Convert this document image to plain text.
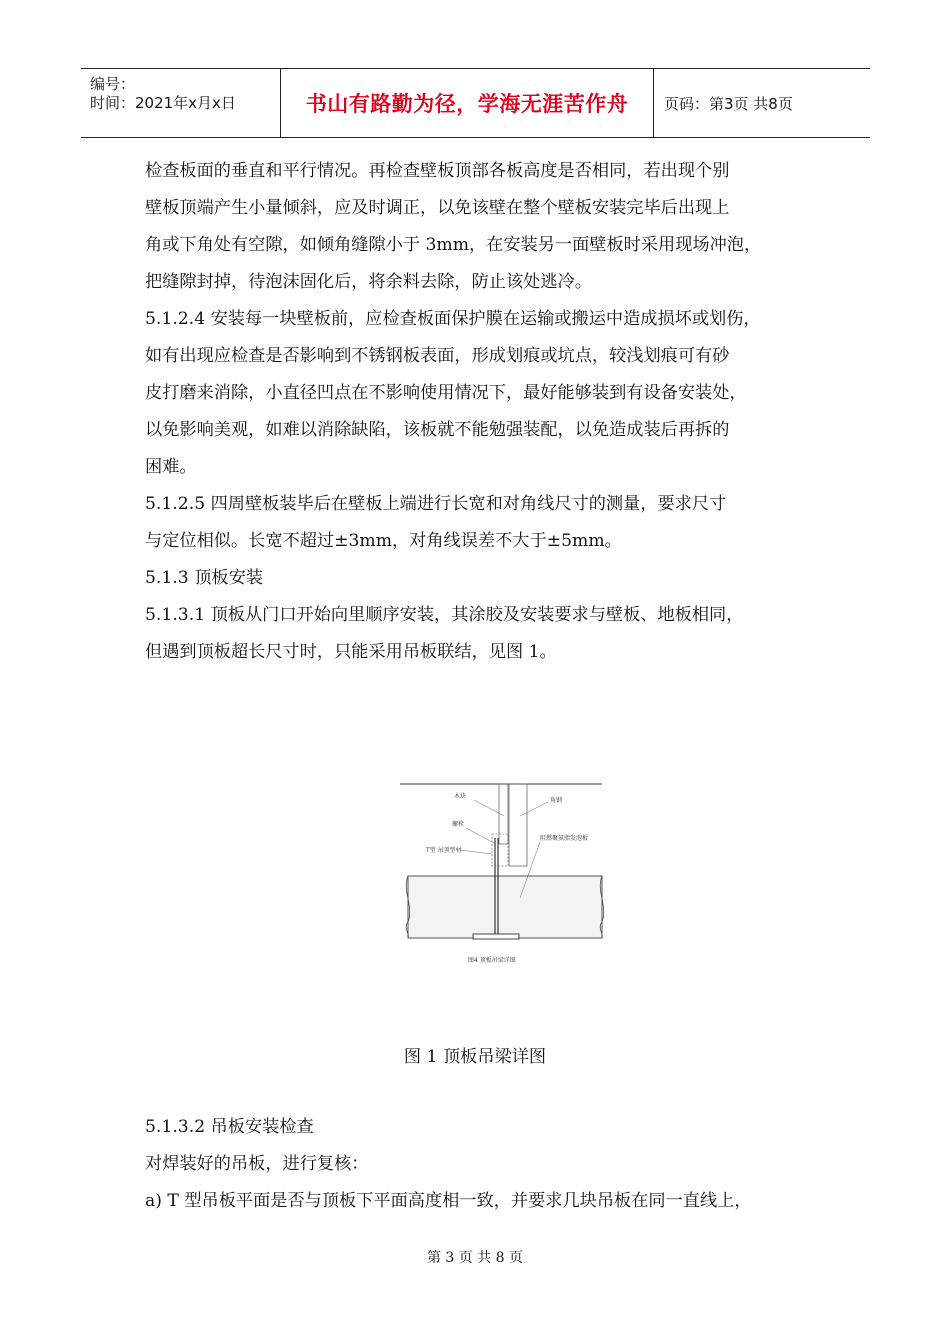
编号：
时间：2021年x月x日	书山有路勤为径，学海无涯苦作舟 页码：第3页 共8页

检查板面的垂直和平行情况。再检查壁板顶部各板高度是否相同，若出现个别

壁板顶端产生小量倾斜，应及时调正，以免该壁在整个壁板安装完毕后出现上

角或下角处有空隙，如倾角缝隙小于 3mm，在安装另一面壁板时采用现场冲泡，

把缝隙封掉，待泡沫固化后，将余料去除，防止该处逃冷。

5.1.2.4 安装每一块壁板前，应检查板面保护膜在运输或搬运中造成损坏或划伤，

如有出现应检查是否影响到不锈钢板表面，形成划痕或坑点，较浅划痕可有砂

皮打磨来消除，小直径凹点在不影响使用情况下，最好能够装到有设备安装处，

以免影响美观，如难以消除缺陷，该板就不能勉强装配，以免造成装后再拆的

困难。

5.1.2.5 四周壁板装毕后在壁板上端进行长宽和对角线尺寸的测量，要求尺寸

与定位相似。长宽不超过±3mm，对角线误差不大于±5mm。

5.1.3 顶板安装

5.1.3.1 顶板从门口开始向里顺序安装，其涂胶及安装要求与壁板、地板相同，

但遇到顶板超长尺寸时，只能采用吊板联结，见图 1。

木块
角钢
螺栓
T型 吊顶型材
阻燃聚氨脂发泡板
图4 顶板吊梁详图
图 1 顶板吊梁详图

5.1.3.2 吊板安装检查

对焊装好的吊板，进行复核：

a) T 型吊板平面是否与顶板下平面高度相一致，并要求几块吊板在同一直线上，

第 3 页 共 8 页
